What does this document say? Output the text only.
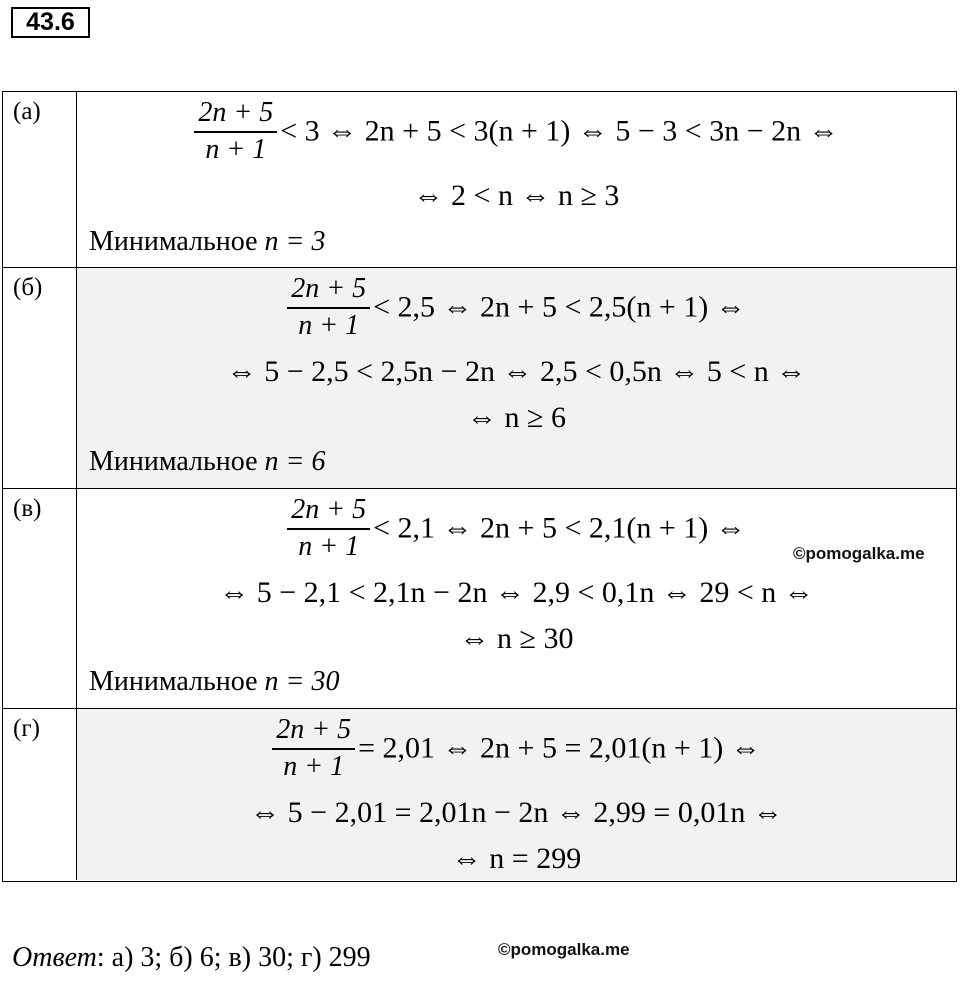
43.6
(а)	$\frac{2n + 5}{n + 1} < 3$ ⇔ 2n + 5 < 3(n + 1) ⇔ 5 − 3 < 3n − 2n ⇔
⇔ 2 < n ⇔ n ≥ 3
Минимальное n = 3
(б)	$\frac{2n + 5}{n + 1} < 2,5$ ⇔ 2n + 5 < 2,5(n + 1) ⇔
⇔ 5 − 2,5 < 2,5n − 2n ⇔ 2,5 < 0,5n ⇔ 5 < n ⇔
⇔ n ≥ 6
Минимальное n = 6
(в)	$\frac{2n + 5}{n + 1} < 2,1$ ⇔ 2n + 5 < 2,1(n + 1) ⇔
©pomogalka.me
⇔ 5 − 2,1 < 2,1n − 2n ⇔ 2,9 < 0,1n ⇔ 29 < n ⇔
⇔ n ≥ 30
Минимальное n = 30
(г)	$\frac{2n + 5}{n + 1} = 2,01$ ⇔ 2n + 5 = 2,01(n + 1) ⇔
⇔ 5 − 2,01 = 2,01n − 2n ⇔ 2,99 = 0,01n ⇔
⇔ n = 299
Ответ: а) 3; б) 6; в) 30; г) 299	©pomogalka.me
